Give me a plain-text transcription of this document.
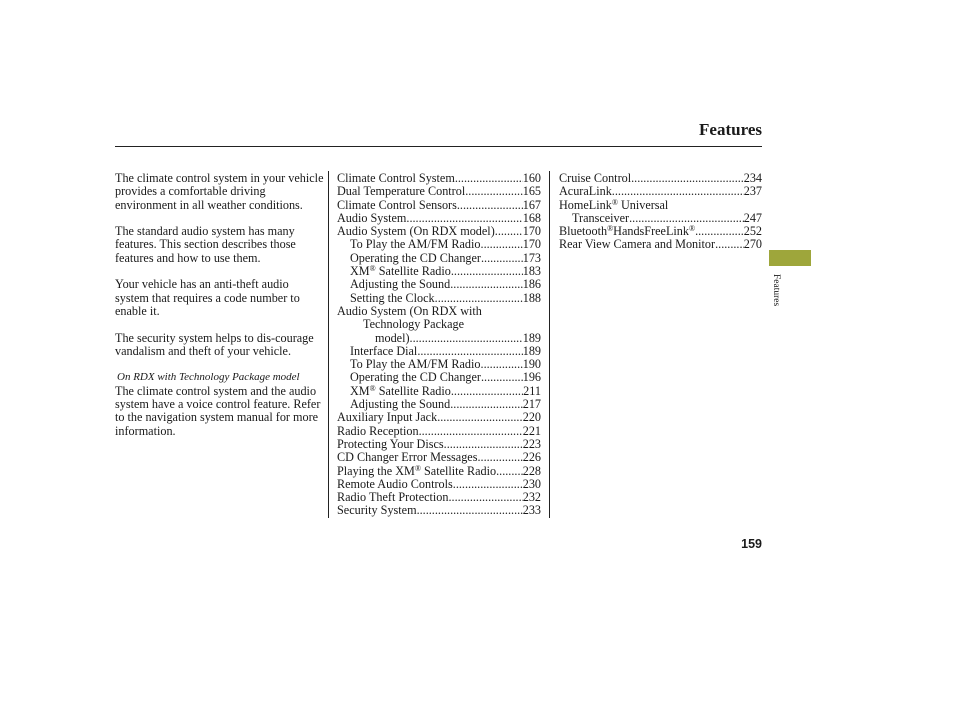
Features

The climate control system in your vehicle provides a comfortable driving environment in all weather conditions.

The standard audio system has many features. This section describes those features and how to use them.

Your vehicle has an anti-theft audio system that requires a code number to enable it.

The security system helps to dis-courage vandalism and theft of your vehicle.

On RDX with Technology Package model

The climate control system and the audio system have a voice control feature. Refer to the navigation system manual for more information.

Climate Control System .....	160
Dual Temperature Control .....	165
Climate Control Sensors .....	167
Audio System .....	168
Audio System (On RDX model) ..... 170
To Play the AM/FM Radio .....	170
Operating the CD Changer .....	173
XM® Satellite Radio .....	183
Adjusting the Sound .....	186
Setting the Clock .....	188
Audio System (On RDX with
Technology Package
model) .....	189
Interface Dial .....	189
To Play the AM/FM Radio .....	190
Operating the CD Changer .....	196
XM® Satellite Radio .....	211
Adjusting the Sound .....	217
Auxiliary Input Jack .....	220
Radio Reception .....	221
Protecting Your Discs .....	223
CD Changer Error Messages .....	226
Playing the XM® Satellite Radio ..... 228
Remote Audio Controls .....	230
Radio Theft Protection .....	232
Security System .....	233
Cruise Control .....	234
AcuraLink .....	237
HomeLink® Universal
Transceiver .....	247
Bluetooth®HandsFreeLink® .....	252
Rear View Camera and Monitor ..... 270
Features
159
